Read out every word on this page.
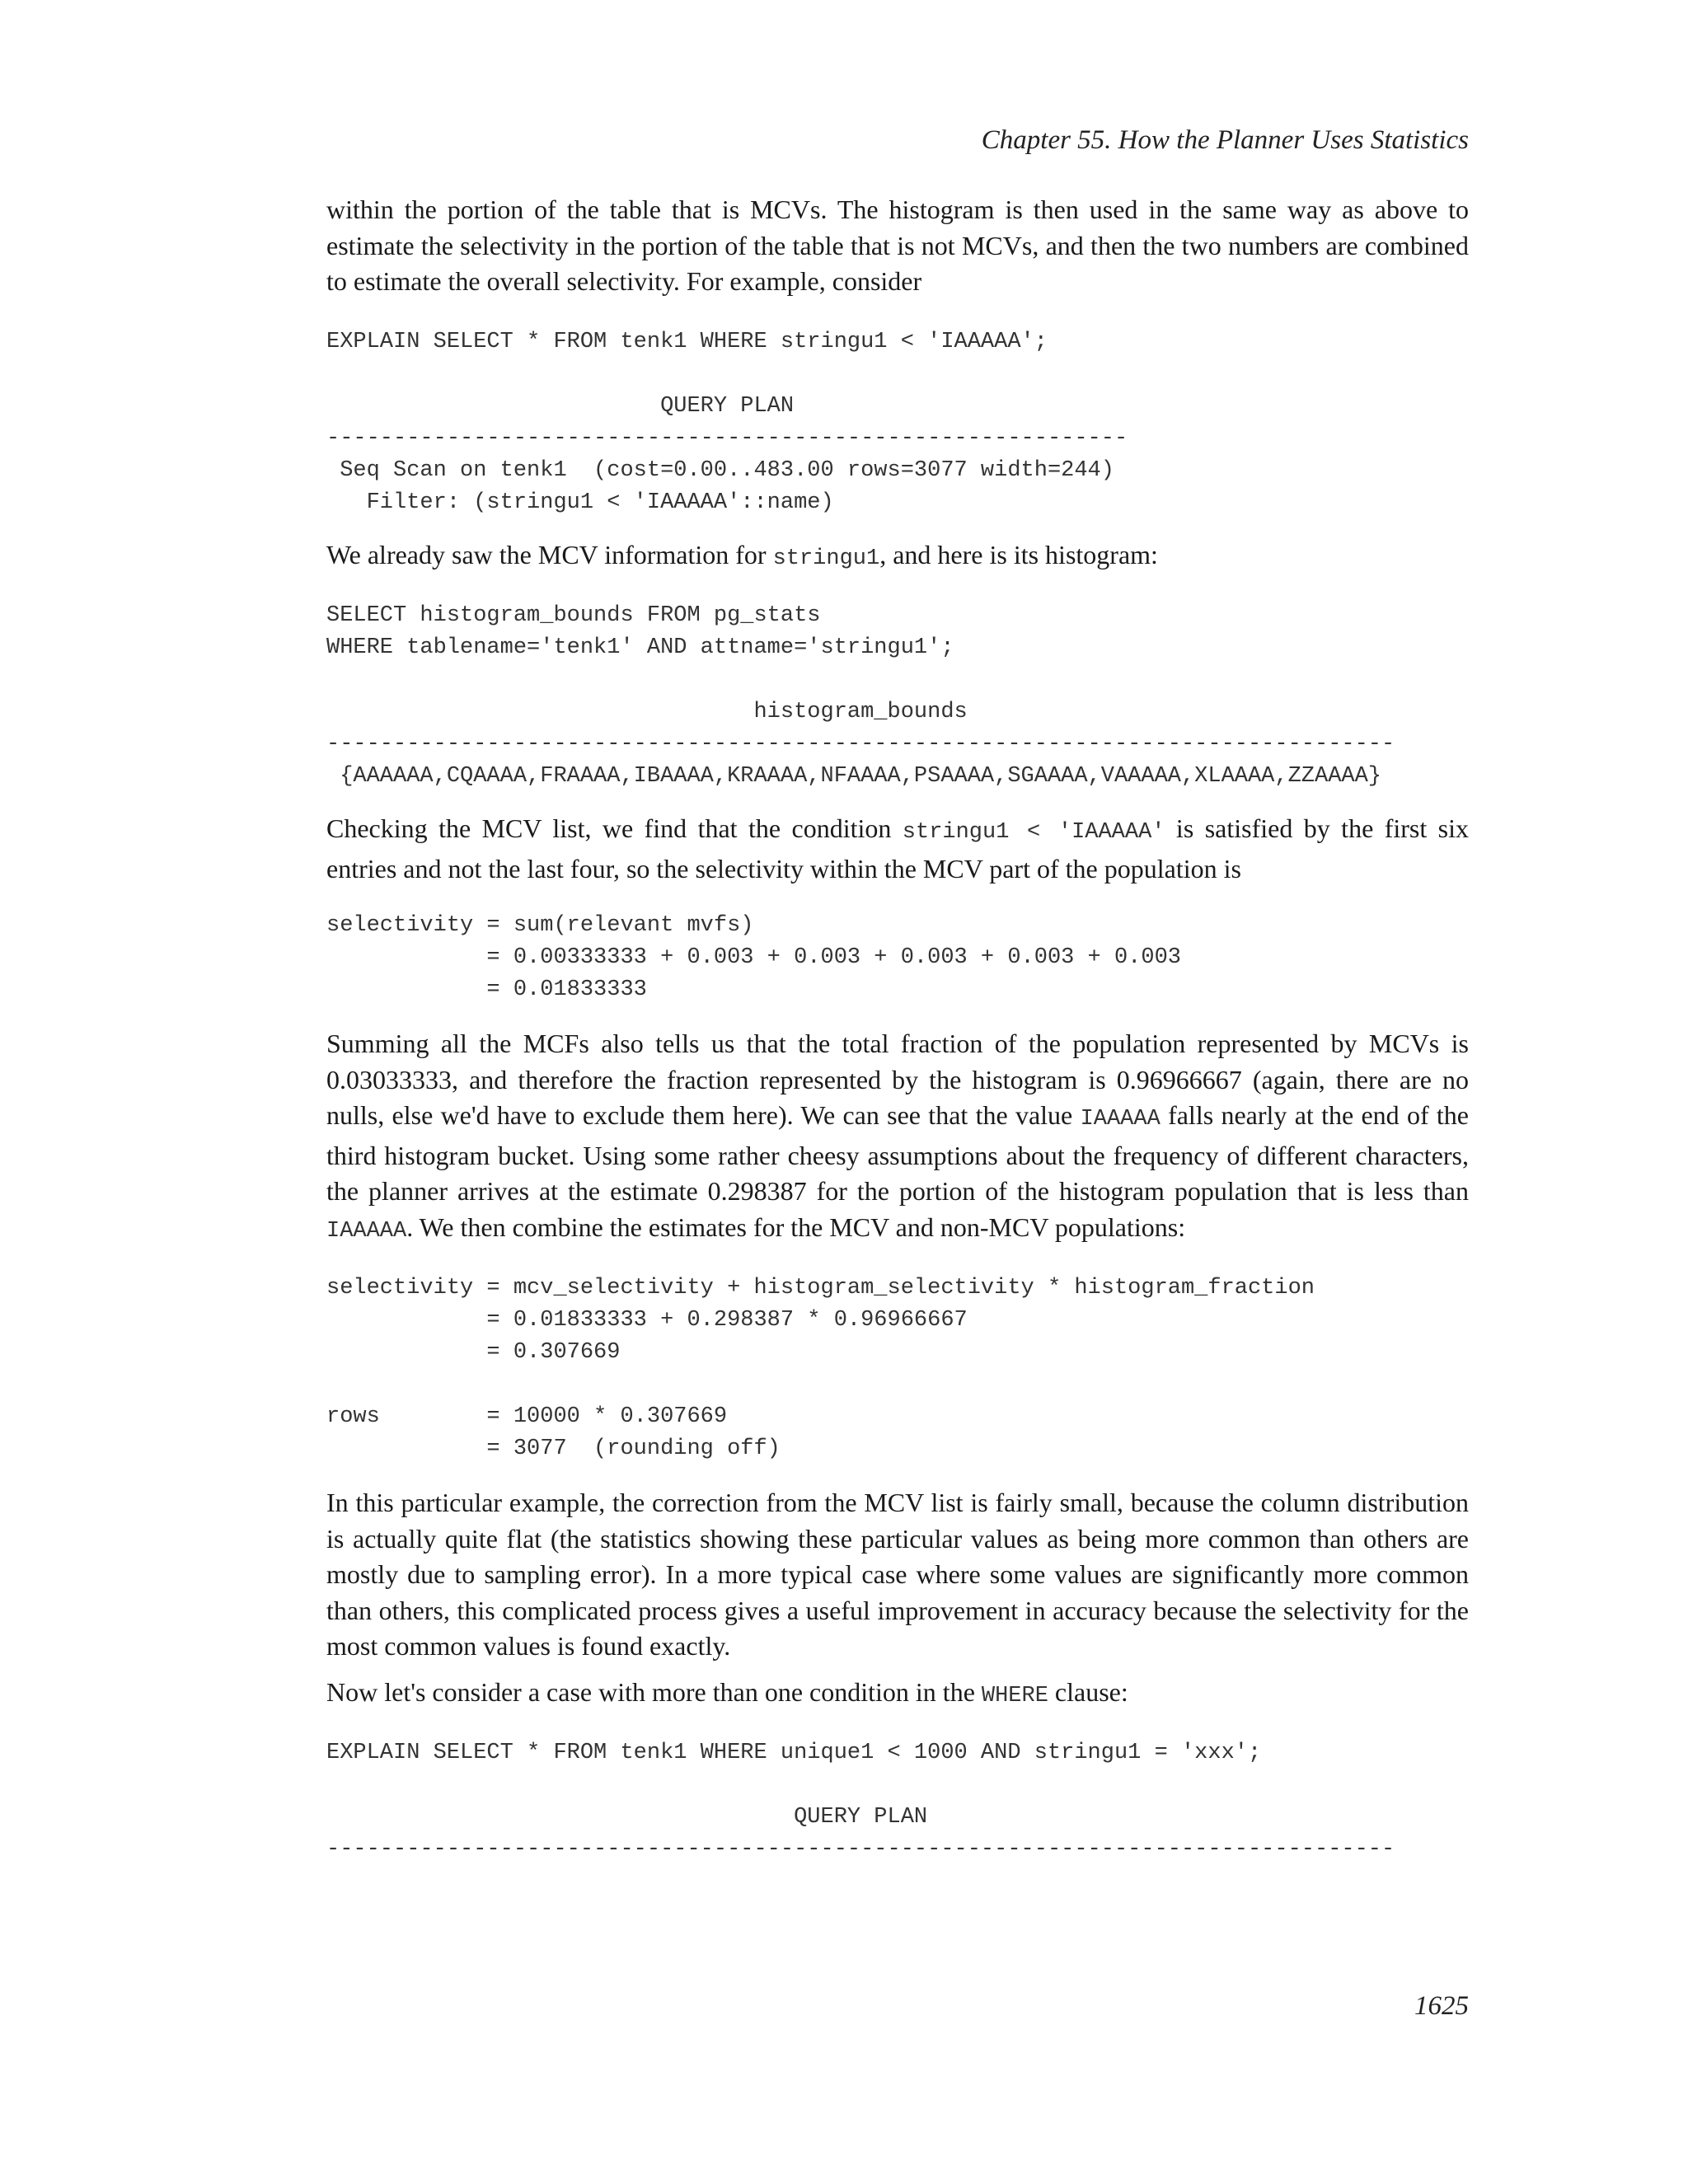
Chapter 55. How the Planner Uses Statistics

within the portion of the table that is MCVs. The histogram is then used in the same way as above to estimate the selectivity in the portion of the table that is not MCVs, and then the two numbers are combined to estimate the overall selectivity. For example, consider

EXPLAIN SELECT * FROM tenk1 WHERE stringu1 < 'IAAAAA';

QUERY PLAN
------------------------------------------------------------
Seq Scan on tenk1  (cost=0.00..483.00 rows=3077 width=244)
Filter: (stringu1 < 'IAAAAA'::name)

We already saw the MCV information for stringu1, and here is its histogram:

SELECT histogram_bounds FROM pg_stats
WHERE tablename='tenk1' AND attname='stringu1';

histogram_bounds
--------------------------------------------------------------------------------
{AAAAAA,CQAAAA,FRAAAA,IBAAAA,KRAAAA,NFAAAA,PSAAAA,SGAAAA,VAAAAA,XLAAAA,ZZAAAA}

Checking the MCV list, we find that the condition stringu1 < 'IAAAAA' is satisfied by the first six entries and not the last four, so the selectivity within the MCV part of the population is

selectivity = sum(relevant mvfs)
= 0.00333333 + 0.003 + 0.003 + 0.003 + 0.003 + 0.003
= 0.01833333

Summing all the MCFs also tells us that the total fraction of the population represented by MCVs is 0.03033333, and therefore the fraction represented by the histogram is 0.96966667 (again, there are no nulls, else we'd have to exclude them here). We can see that the value IAAAAA falls nearly at the end of the third histogram bucket. Using some rather cheesy assumptions about the frequency of different characters, the planner arrives at the estimate 0.298387 for the portion of the histogram population that is less than IAAAAA. We then combine the estimates for the MCV and non-MCV populations:

selectivity = mcv_selectivity + histogram_selectivity * histogram_fraction
= 0.01833333 + 0.298387 * 0.96966667
= 0.307669

rows        = 10000 * 0.307669
= 3077  (rounding off)

In this particular example, the correction from the MCV list is fairly small, because the column distribution is actually quite flat (the statistics showing these particular values as being more common than others are mostly due to sampling error). In a more typical case where some values are significantly more common than others, this complicated process gives a useful improvement in accuracy because the selectivity for the most common values is found exactly.

Now let's consider a case with more than one condition in the WHERE clause:

EXPLAIN SELECT * FROM tenk1 WHERE unique1 < 1000 AND stringu1 = 'xxx';

QUERY PLAN
--------------------------------------------------------------------------------
1625
